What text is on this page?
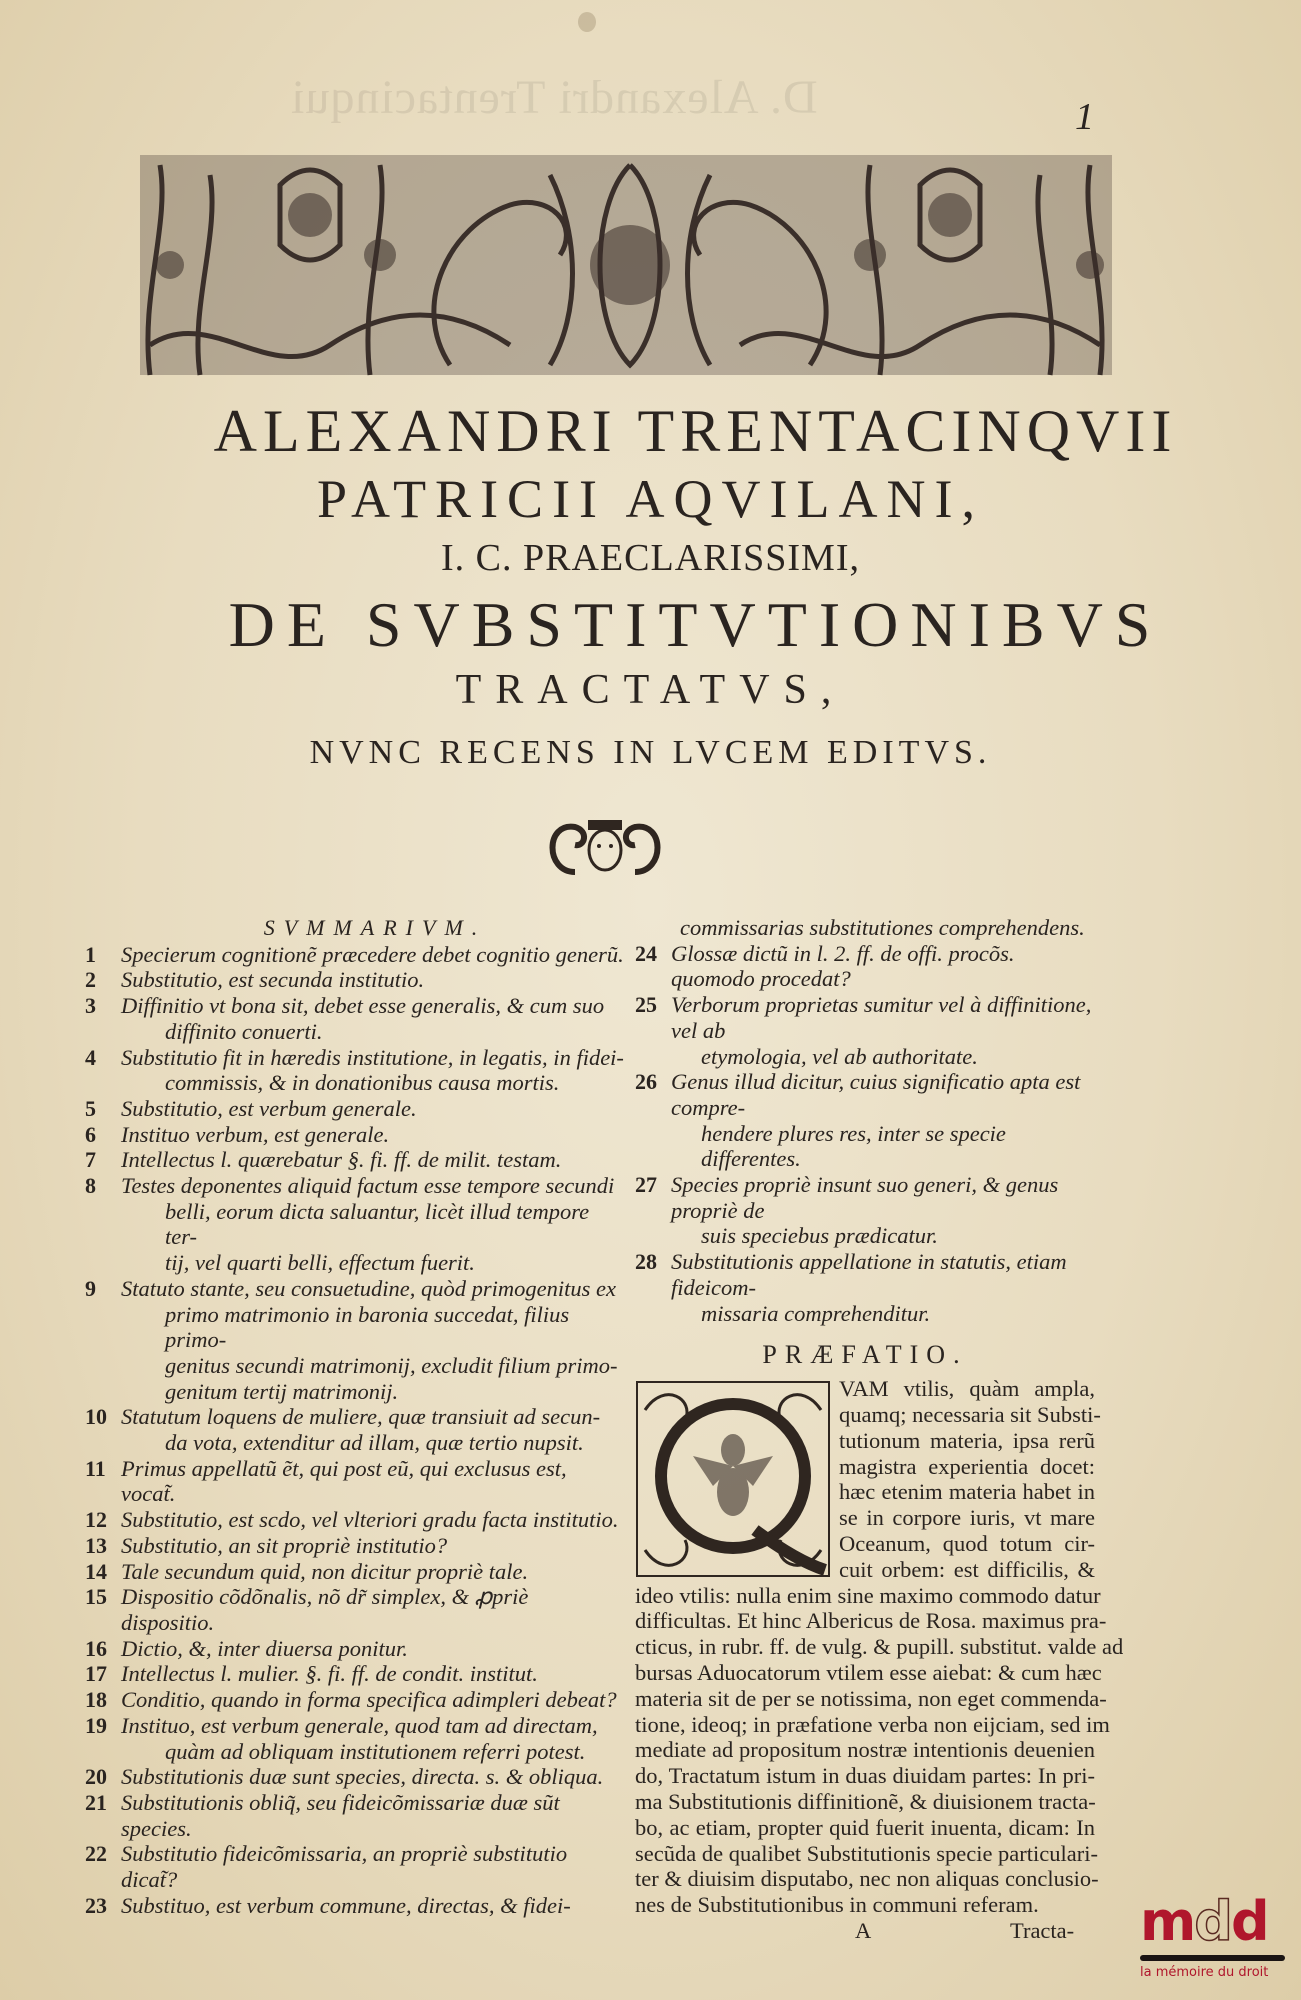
D. Alexandri Trentacinqui	1
ALEXANDRI TRENTACINQVII
PATRICII AQVILANI,
I. C. PRAECLARISSIMI,
DE SVBSTITVTIONIBVS
TRACTATVS,
NVNC RECENS IN LVCEM EDITVS.
SVMMARIVM.
1	Specierum cognitionẽ præcedere debet cognitio generũ.
2	Substitutio, est secunda institutio.
3	Diffinitio vt bona sit, debet esse generalis, & cum suo
diffinito conuerti.
4	Substitutio fit in hæredis institutione, in legatis, in fidei-
commissis, & in donationibus causa mortis.
5	Substitutio, est verbum generale.
6	Instituo verbum, est generale.
7	Intellectus l. quærebatur §. fi. ff. de milit. testam.
8	Testes deponentes aliquid factum esse tempore secundi
belli, eorum dicta saluantur, licèt illud tempore ter-
tij, vel quarti belli, effectum fuerit.
9	Statuto stante, seu consuetudine, quòd primogenitus ex
primo matrimonio in baronia succedat, filius primo-
genitus secundi matrimonij, excludit filium primo-
genitum tertij matrimonij.
10 Statutum loquens de muliere, quæ transiuit ad secun-
da vota, extenditur ad illam, quæ tertio nupsit.
11 Primus appellatũ ẽt, qui post eũ, qui exclusus est, vocat̃.
12 Substitutio, est scdo, vel vlteriori gradu facta institutio.
13 Substitutio, an sit propriè institutio?
14 Tale secundum quid, non dicitur propriè tale.
15 Dispositio cõdõnalis, nõ dr̃ simplex, & ꝓpriè dispositio.
16 Dictio, &, inter diuersa ponitur.
17 Intellectus l. mulier. §. fi. ff. de condit. institut.
18 Conditio, quando in forma specifica adimpleri debeat?
19 Instituo, est verbum generale, quod tam ad directam,
quàm ad obliquam institutionem referri potest.
20 Substitutionis duæ sunt species, directa. s. & obliqua.
21 Substitutionis obliq̃, seu fideicõmissariæ duæ sũt species.
22 Substitutio fideicõmissaria, an propriè substitutio dicat̃?
23 Substituo, est verbum commune, directas, & fidei-
commissarias substitutiones comprehendens.
24 Glossæ dictũ in l. 2. ff. de offi. procõs. quomodo procedat?
25 Verborum proprietas sumitur vel à diffinitione, vel ab
etymologia, vel ab authoritate.
26 Genus illud dicitur, cuius significatio apta est compre-
hendere plures res, inter se specie differentes.
27 Species propriè insunt suo generi, & genus propriè de
suis speciebus prædicatur.
28 Substitutionis appellatione in statutis, etiam fideicom-
missaria comprehenditur.
PRÆFATIO.
VAM vtilis, quàm ampla,
quamq; necessaria sit Substi-
tutionum materia, ipsa rerũ
magistra experientia docet:
hæc etenim materia habet in
se in corpore iuris, vt mare
Oceanum, quod totum cir-
cuit orbem: est difficilis, &
ideo vtilis: nulla enim sine maximo commodo datur
difficultas. Et hinc Albericus de Rosa. maximus pra-
cticus, in rubr. ff. de vulg. & pupill. substitut. valde ad
bursas Aduocatorum vtilem esse aiebat: & cum hæc
materia sit de per se notissima, non eget commenda-
tione, ideoq; in præfatione verba non eijciam, sed im
mediate ad propositum nostræ intentionis deuenien
do, Tractatum istum in duas diuidam partes: In pri-
ma Substitutionis diffinitionẽ, & diuisionem tracta-
bo, ac etiam, propter quid fuerit inuenta, dicam: In
secũda de qualibet Substitutionis specie particulari-
ter & diuisim disputabo, nec non aliquas conclusio-
nes de Substitutionibus in communi referam.
A	Tracta- mdd
la mémoire du droit
